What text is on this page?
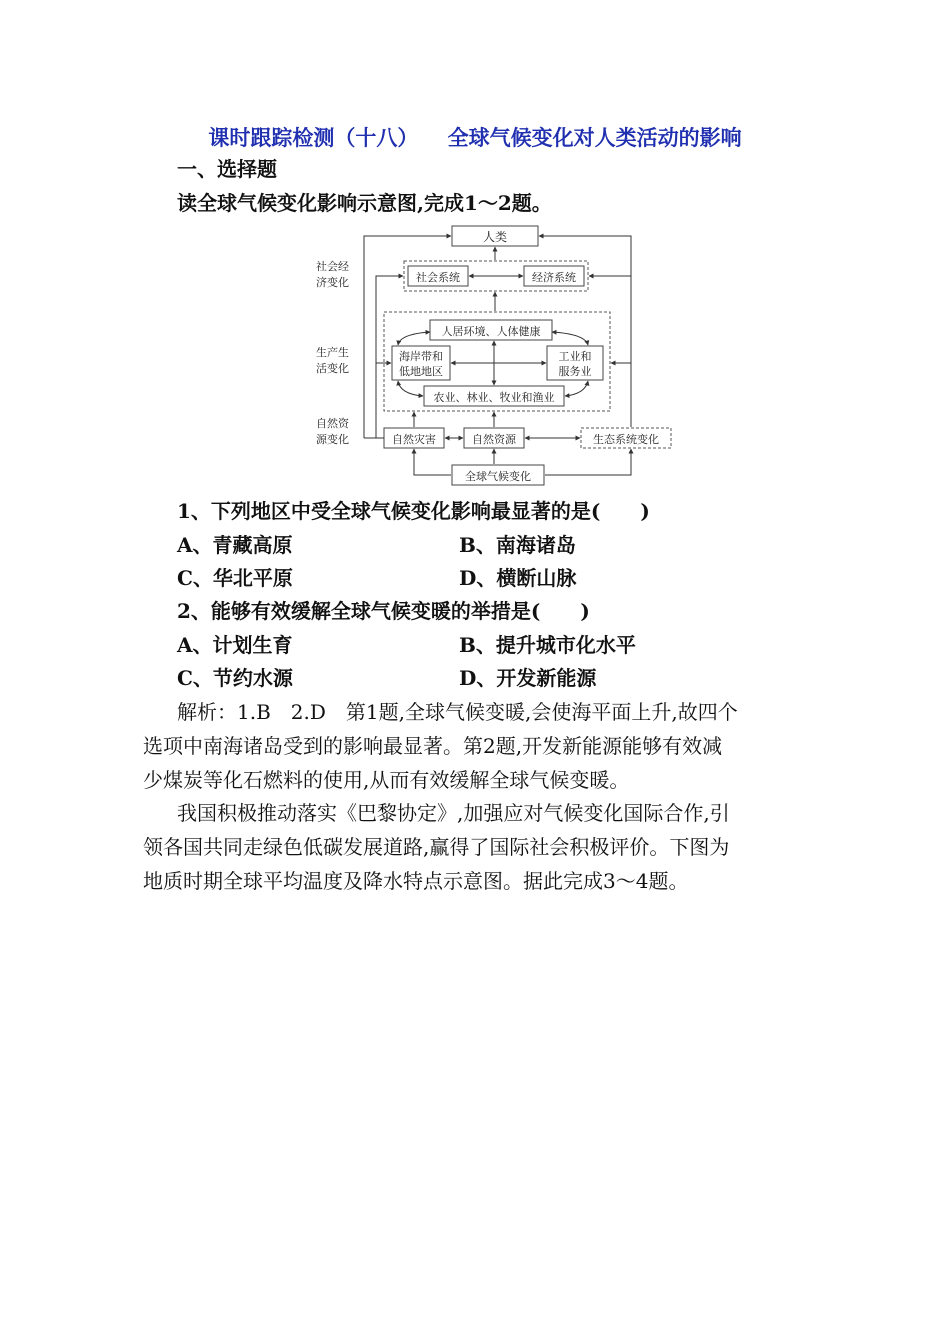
课时跟踪检测（十八）    全球气候变化对人类活动的影响
一、选择题
读全球气候变化影响示意图,完成1～2题。
社会经
济变化
生产生
活变化
自然资
源变化
人类
社会系统	经济系统
人居环境、人体健康
海岸带和
低地地区
工业和
服务业
农业、林业、牧业和渔业
自然灾害	自然资源	生态系统变化
全球气候变化
1、下列地区中受全球气候变化影响最显著的是(　　)
A、青藏高原	B、南海诸岛
C、华北平原	D、横断山脉
2、能够有效缓解全球气候变暖的举措是(　　)
A、计划生育	B、提升城市化水平
C、节约水源	D、开发新能源
解析：1.B　2.D　第1题,全球气候变暖,会使海平面上升,故四个
选项中南海诸岛受到的影响最显著。第2题,开发新能源能够有效减
少煤炭等化石燃料的使用,从而有效缓解全球气候变暖。
我国积极推动落实《巴黎协定》,加强应对气候变化国际合作,引
领各国共同走绿色低碳发展道路,赢得了国际社会积极评价。下图为
地质时期全球平均温度及降水特点示意图。据此完成3～4题。
